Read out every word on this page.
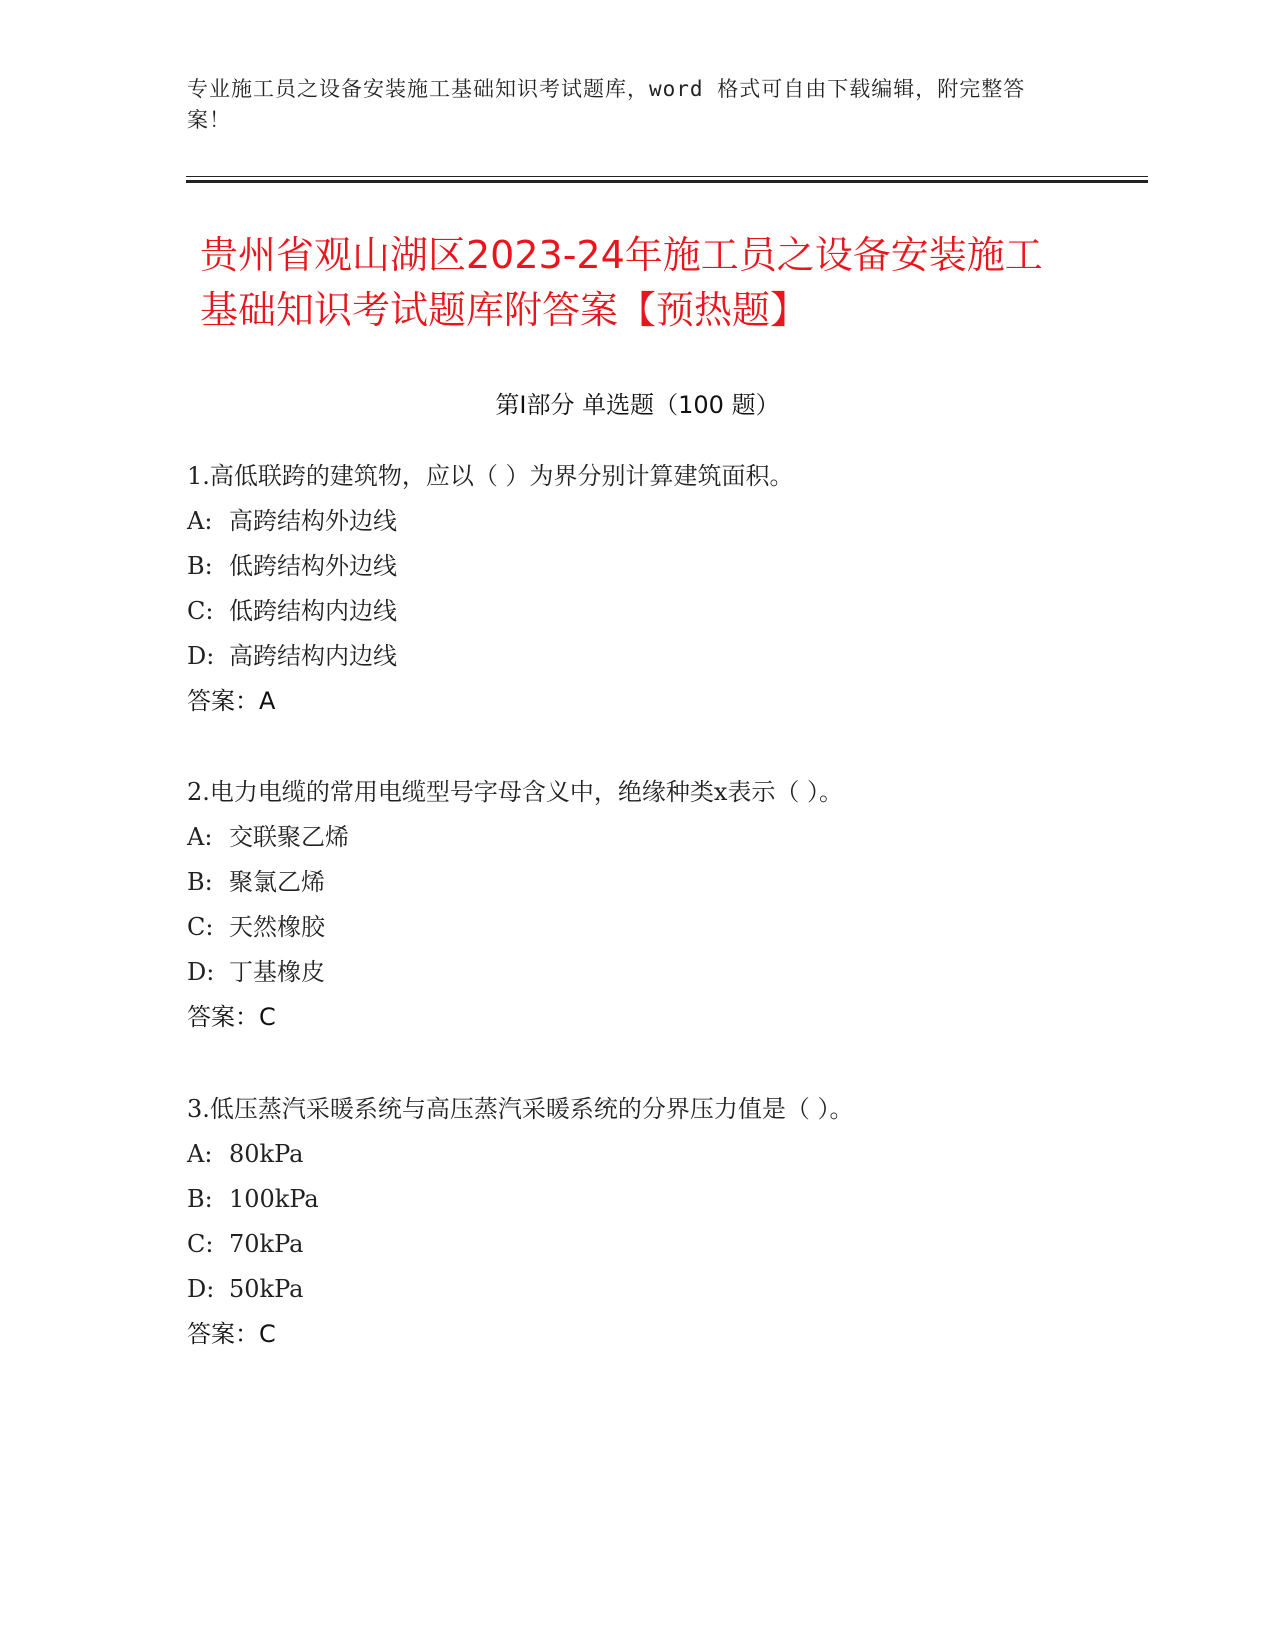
专业施工员之设备安装施工基础知识考试题库，word 格式可自由下载编辑，附完整答案！
贵州省观山湖区2023-24年施工员之设备安装施工基础知识考试题库附答案【预热题】
第Ⅰ部分 单选题（100 题）
1.高低联跨的建筑物，应以（ ）为界分别计算建筑面积。
A: 高跨结构外边线
B: 低跨结构外边线
C: 低跨结构内边线
D: 高跨结构内边线
答案：A
2.电力电缆的常用电缆型号字母含义中，绝缘种类x表示（ ）。
A: 交联聚乙烯
B: 聚氯乙烯
C: 天然橡胶
D: 丁基橡皮
答案：C
3.低压蒸汽采暖系统与高压蒸汽采暖系统的分界压力值是（ ）。
A: 80kPa
B: 100kPa
C: 70kPa
D: 50kPa
答案：C
